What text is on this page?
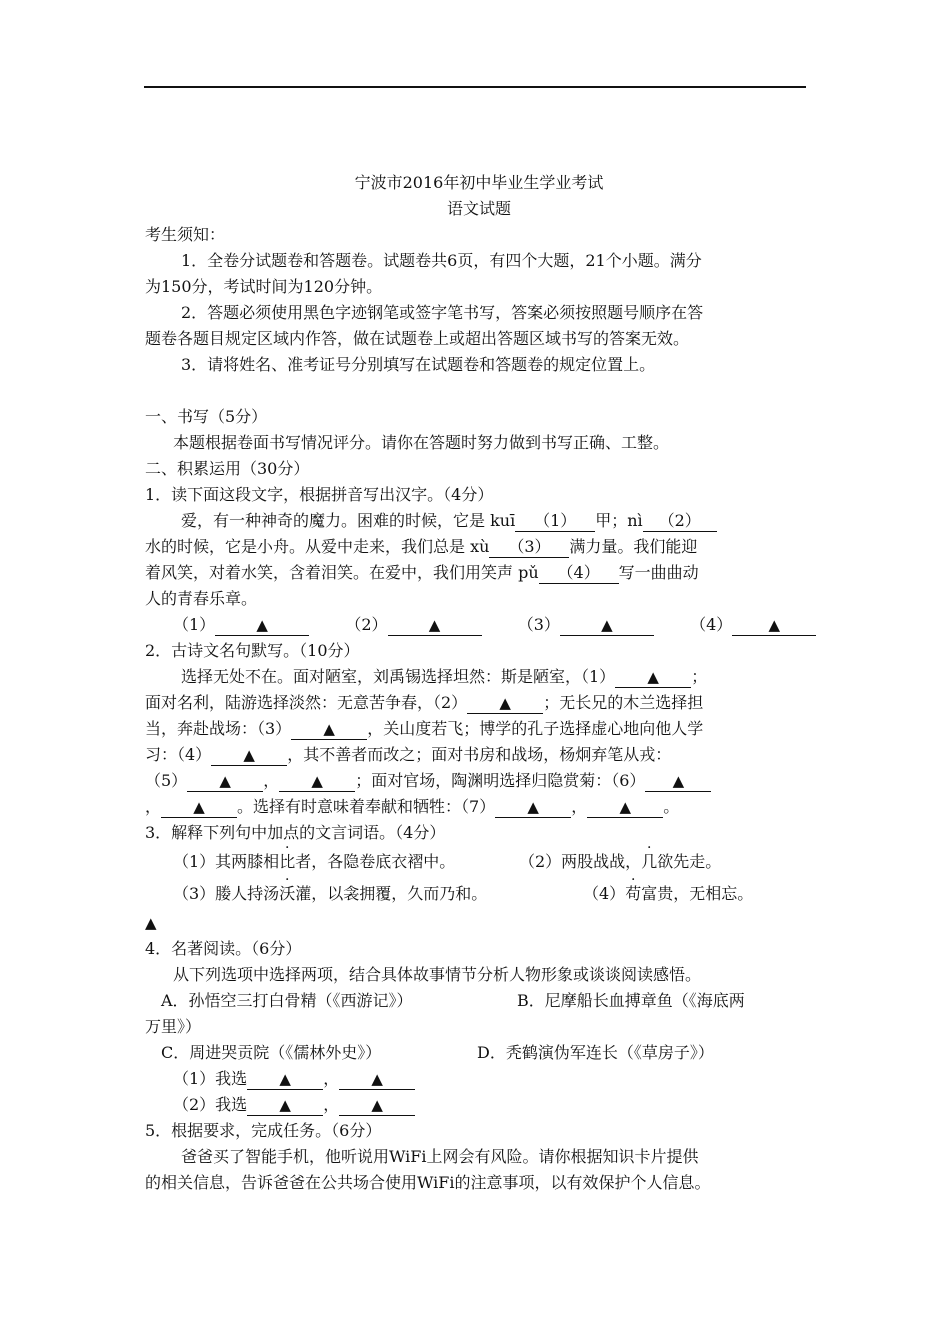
宁波市2016年初中毕业生学业考试
语文试题

考生须知：

1．全卷分试题卷和答题卷。试题卷共6页，有四个大题，21个小题。满分

为150分，考试时间为120分钟。

2．答题必须使用黑色字迹钢笔或签字笔书写，答案必须按照题号顺序在答

题卷各题目规定区域内作答，做在试题卷上或超出答题区域书写的答案无效。

3．请将姓名、准考证号分别填写在试题卷和答题卷的规定位置上。

一、书写（5分）

本题根据卷面书写情况评分。请你在答题时努力做到书写正确、工整。

二、积累运用（30分）

1．读下面这段文字，根据拼音写出汉字。（4分）

爱，有一种神奇的魔力。困难的时候，它是 kuī （1） 甲；nì （2）

水的时候，它是小舟。从爱中走来，我们总是 xù （3） 满力量。我们能迎

着风笑，对着水笑，含着泪笑。在爱中，我们用笑声 pǔ （4） 写一曲曲动

人的青春乐章。

（1）	▲	（2）	▲	（3）	▲	（4） ▲

2．古诗文名句默写。（10分）

选择无处不在。面对陋室，刘禹锡选择坦然：斯是陋室，（1） ▲ ；

面对名利，陆游选择淡然：无意苦争春，（2） ▲ ；无长兄的木兰选择担

当，奔赴战场：（3） ▲ ，关山度若飞；博学的孔子选择虚心地向他人学

习：（4） ▲ ，其不善者而改之；面对书房和战场，杨炯弃笔从戎：

（5） ▲ ， ▲ ；面对官场，陶渊明选择归隐赏菊：（6） ▲

， ▲ 。选择有时意味着奉献和牺牲：（7） ▲ ， ▲ 。

3．解释下列句中加点的文言词语。（4分）

（1）其两膝相比者，各隐卷底衣褶中。	（2）两股战战，几欲先走。

（3）媵人持汤沃灌，以衾拥覆，久而乃和。	（4）苟富贵，无相忘。

▲

4．名著阅读。（6分）

从下列选项中选择两项，结合具体故事情节分析人物形象或谈谈阅读感悟。

A．孙悟空三打白骨精（《西游记》）	B．尼摩船长血搏章鱼（《海底两

万里》）

C．周进哭贡院（《儒林外史》）	D．秃鹤演伪军连长（《草房子》）

（1）我选 ▲ ， ▲

（2）我选 ▲ ， ▲

5．根据要求，完成任务。（6分）

爸爸买了智能手机，他听说用WiFi上网会有风险。请你根据知识卡片提供

的相关信息，告诉爸爸在公共场合使用WiFi的注意事项，以有效保护个人信息。
